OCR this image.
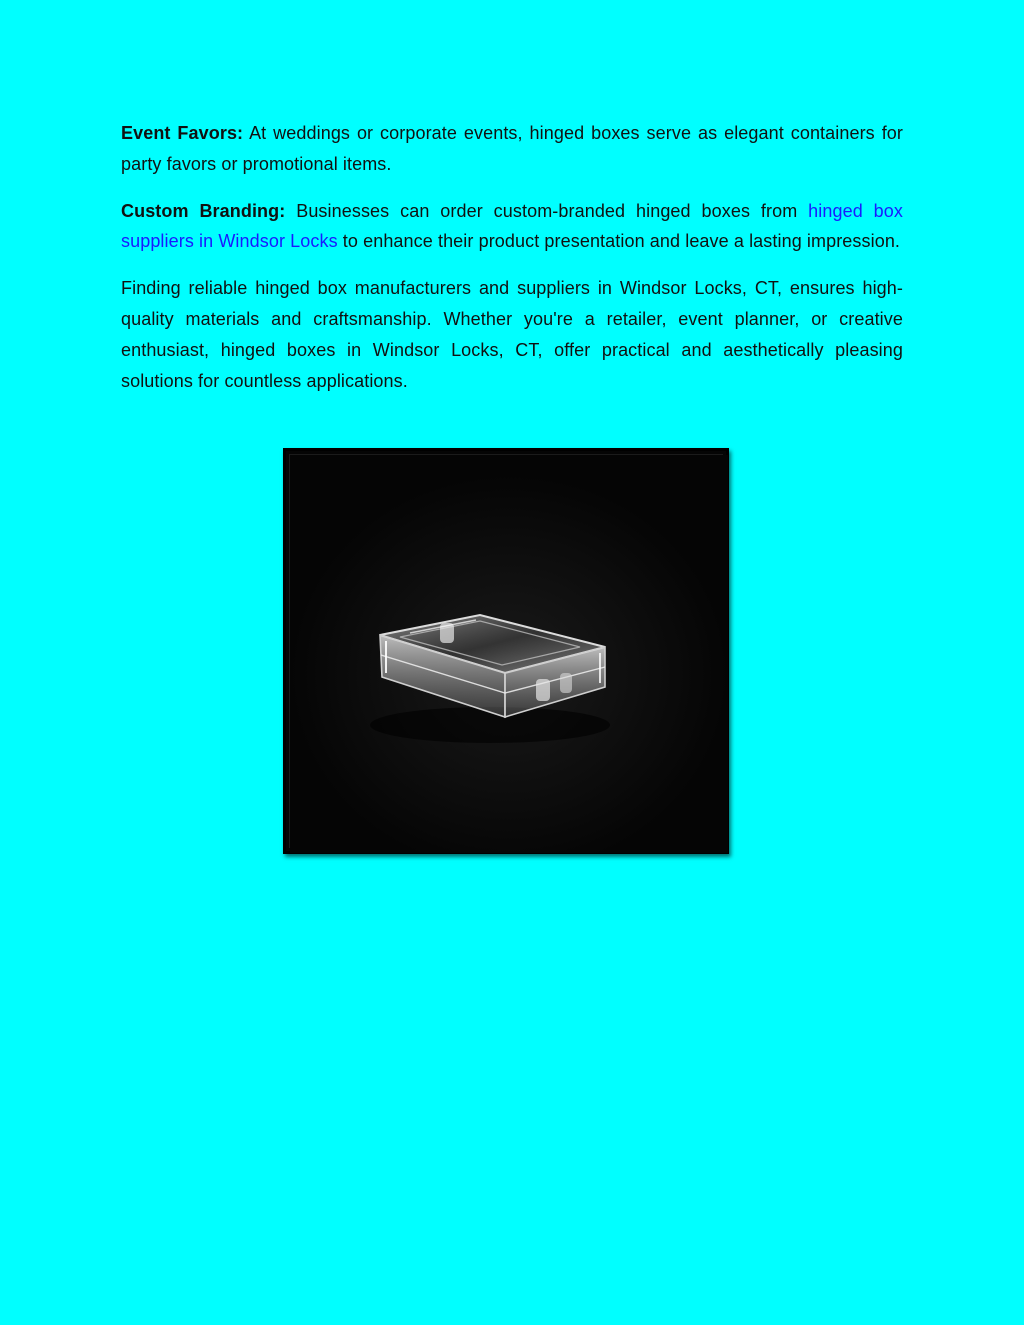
Event Favors: At weddings or corporate events, hinged boxes serve as elegant containers for party favors or promotional items.

Custom Branding: Businesses can order custom-branded hinged boxes from hinged box suppliers in Windsor Locks to enhance their product presentation and leave a lasting impression.

Finding reliable hinged box manufacturers and suppliers in Windsor Locks, CT, ensures high-quality materials and craftsmanship. Whether you're a retailer, event planner, or creative enthusiast, hinged boxes in Windsor Locks, CT, offer practical and aesthetically pleasing solutions for countless applications.
